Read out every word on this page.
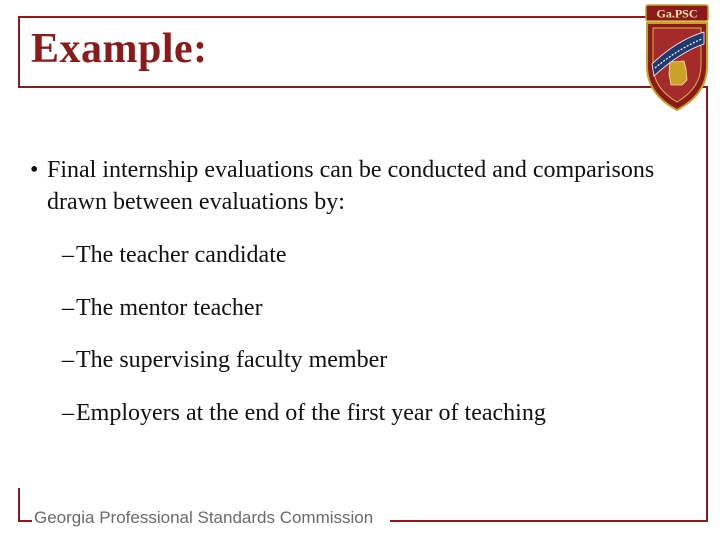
Example:
Ga.PSC
• Final internship evaluations can be conducted and comparisons drawn between evaluations by:
–The teacher candidate
–The mentor teacher
–The supervising faculty member
–Employers at the end of the first year of teaching
Georgia Professional Standards Commission
